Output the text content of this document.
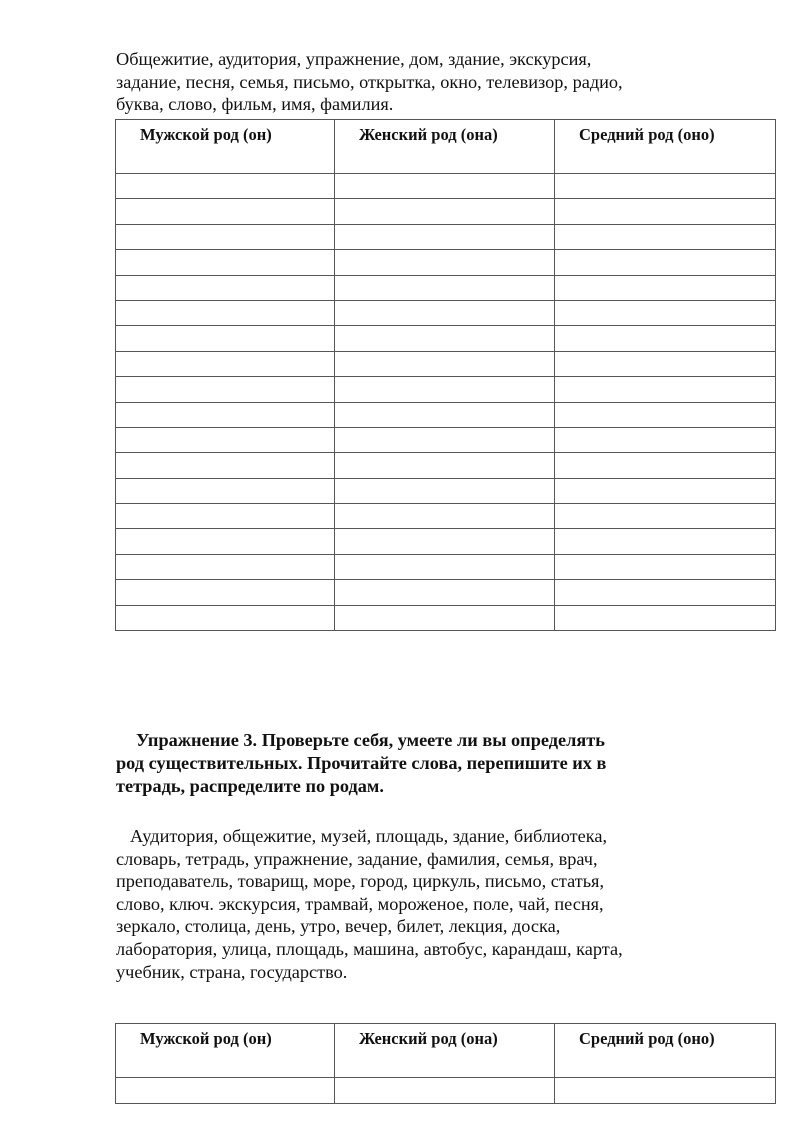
Общежитие, аудитория, упражнение, дом, здание, экскурсия,
задание, песня, семья, письмо, открытка, окно, телевизор, радио,
буква, слово, фильм, имя, фамилия.
Мужской род (он)	Женский род (она)	Средний род (оно)

Упражнение 3. Проверьте себя, умеете ли вы определять
род существительных. Прочитайте слова, перепишите их в
тетрадь, распределите по родам.
Аудитория, общежитие, музей, площадь, здание, библиотека,
словарь, тетрадь, упражнение, задание, фамилия, семья, врач,
преподаватель, товарищ, море, город, циркуль, письмо, статья,
слово, ключ. экскурсия, трамвай, мороженое, поле, чай, песня,
зеркало, столица, день, утро, вечер, билет, лекция, доска,
лаборатория, улица, площадь, машина, автобус, карандаш, карта,
учебник, страна, государство.
Мужской род (он)	Женский род (она)	Средний род (оно)
